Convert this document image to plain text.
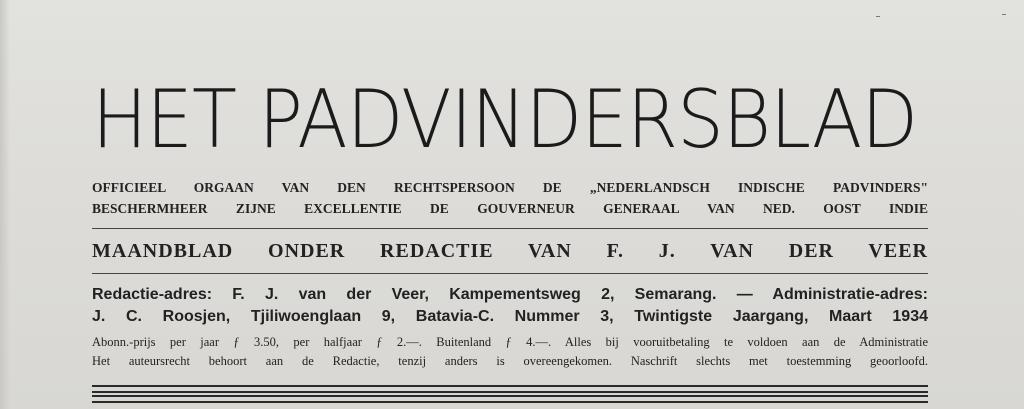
HET PADVINDERSBLAD
OFFICIEEL ORGAAN VAN DEN RECHTSPERSOON DE „NEDERLANDSCH INDISCHE PADVINDERS"
BESCHERMHEER ZIJNE EXCELLENTIE DE GOUVERNEUR GENERAAL VAN NED. OOST INDIE
MAANDBLAD ONDER REDACTIE VAN F. J. VAN DER VEER
Redactie-adres: F. J. van der Veer, Kampementsweg 2, Semarang. — Administratie-adres:
J. C. Roosjen, Tjiliwoenglaan 9, Batavia-C. Nummer 3, Twintigste Jaargang, Maart 1934
Abonn.-prijs per jaar ƒ 3.50, per halfjaar ƒ 2.—. Buitenland ƒ 4.—. Alles bij vooruitbetaling te voldoen aan de Administratie
Het auteursrecht behoort aan de Redactie, tenzij anders is overeengekomen. Naschrift slechts met toestemming geoorloofd.
